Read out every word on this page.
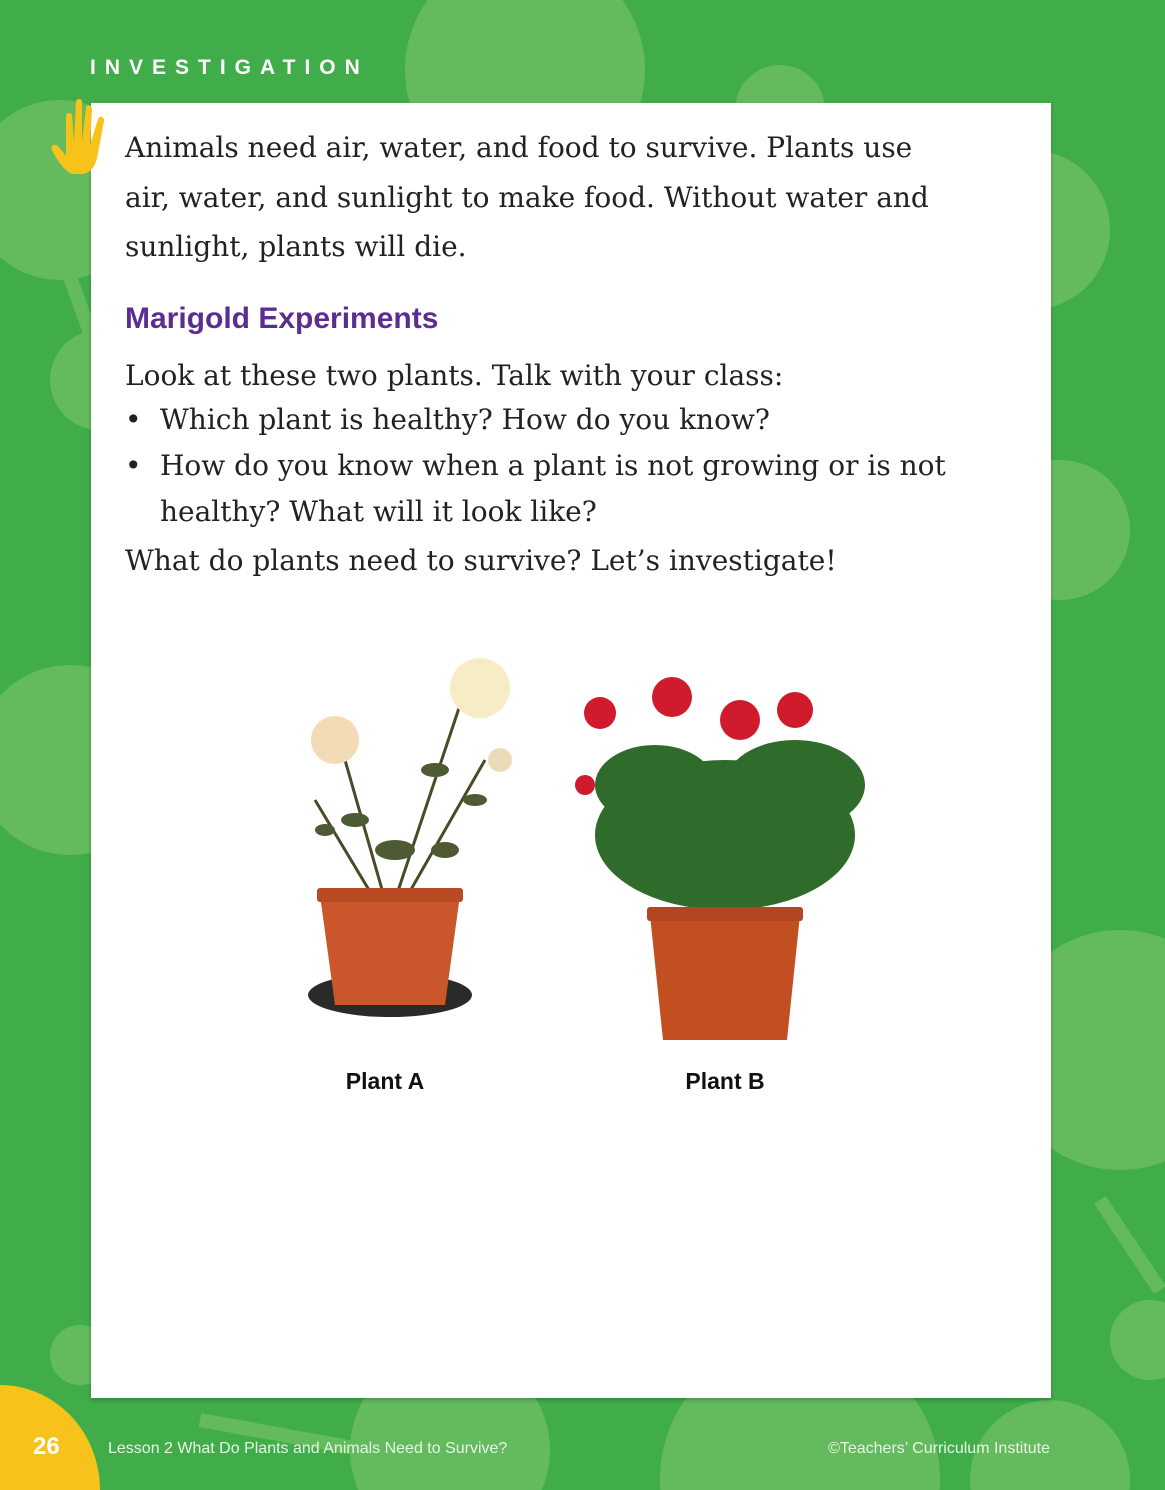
INVESTIGATION
Animals need air, water, and food to survive. Plants use
air, water, and sunlight to make food. Without water and
sunlight, plants will die.
Marigold Experiments
Look at these two plants. Talk with your class:
• Which plant is healthy? How do you know?
• How do you know when a plant is not growing or is not
healthy? What will it look like?
What do plants need to survive? Let’s investigate!
Plant A	Plant B
26	Lesson 2 What Do Plants and Animals Need to Survive?	©Teachers’ Curriculum Institute
